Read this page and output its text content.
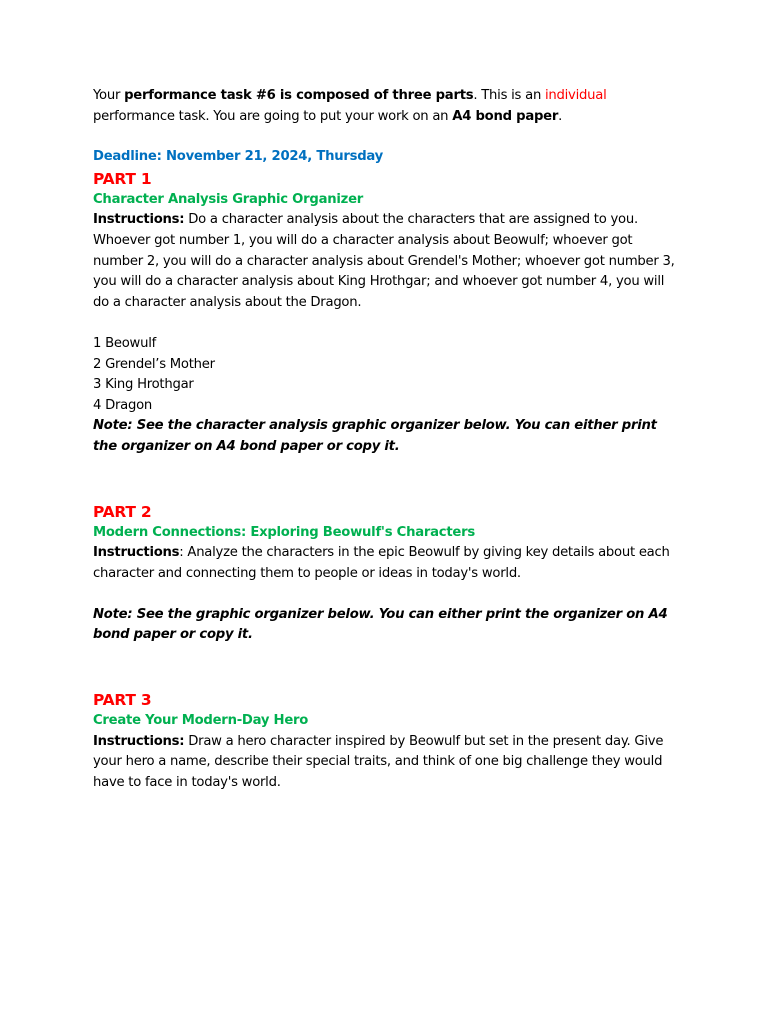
Your performance task #6 is composed of three parts. This is an individual performance task. You are going to put your work on an A4 bond paper.

Deadline: November 21, 2024, Thursday

PART 1

Character Analysis Graphic Organizer

Instructions: Do a character analysis about the characters that are assigned to you. Whoever got number 1, you will do a character analysis about Beowulf; whoever got number 2, you will do a character analysis about Grendel's Mother; whoever got number 3, you will do a character analysis about King Hrothgar; and whoever got number 4, you will do a character analysis about the Dragon.

1 Beowulf

2 Grendel’s Mother

3 King Hrothgar

4 Dragon

Note: See the character analysis graphic organizer below. You can either print the organizer on A4 bond paper or copy it.

PART 2

Modern Connections: Exploring Beowulf's Characters

Instructions: Analyze the characters in the epic Beowulf by giving key details about each character and connecting them to people or ideas in today's world.

Note: See the graphic organizer below. You can either print the organizer on A4 bond paper or copy it.

PART 3

Create Your Modern-Day Hero

Instructions: Draw a hero character inspired by Beowulf but set in the present day. Give your hero a name, describe their special traits, and think of one big challenge they would have to face in today's world.
